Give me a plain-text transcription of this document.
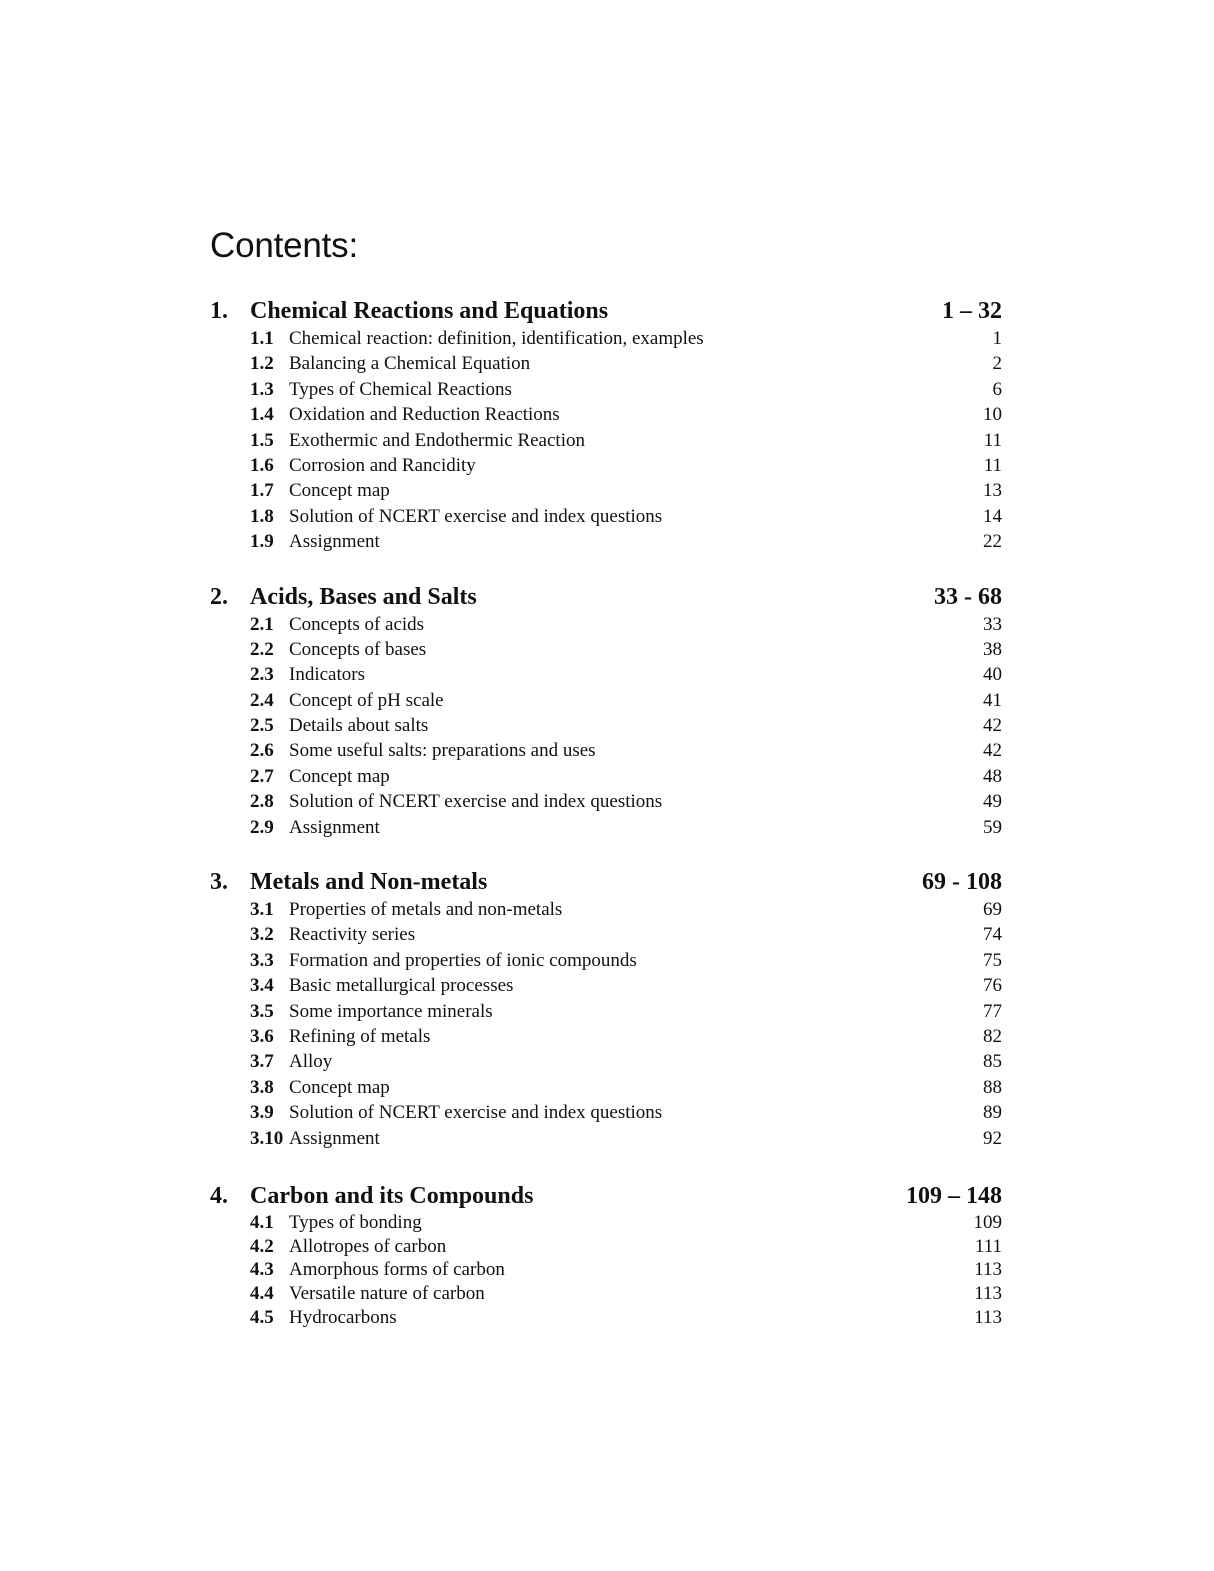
Contents:
1. Chemical Reactions and Equations	1 – 32
1.1 Chemical reaction: definition, identification, examples	1
1.2 Balancing a Chemical Equation	2
1.3 Types of Chemical Reactions	6
1.4 Oxidation and Reduction Reactions	10
1.5 Exothermic and Endothermic Reaction	11
1.6 Corrosion and Rancidity	11
1.7 Concept map	13
1.8 Solution of NCERT exercise and index questions	14
1.9 Assignment	22
2. Acids, Bases and Salts	33 - 68
2.1 Concepts of acids	33
2.2 Concepts of bases	38
2.3 Indicators	40
2.4 Concept of pH scale	41
2.5 Details about salts	42
2.6 Some useful salts: preparations and uses	42
2.7 Concept map	48
2.8 Solution of NCERT exercise and index questions	49
2.9 Assignment	59
3. Metals and Non-metals	69 - 108
3.1 Properties of metals and non-metals	69
3.2 Reactivity series	74
3.3 Formation and properties of ionic compounds	75
3.4 Basic metallurgical processes	76
3.5 Some importance minerals	77
3.6 Refining of metals	82
3.7 Alloy	85
3.8 Concept map	88
3.9 Solution of NCERT exercise and index questions	89
3.10 Assignment	92
4. Carbon and its Compounds	109 – 148
4.1 Types of bonding	109
4.2 Allotropes of carbon	111
4.3 Amorphous forms of carbon	113
4.4 Versatile nature of carbon	113
4.5 Hydrocarbons	113
